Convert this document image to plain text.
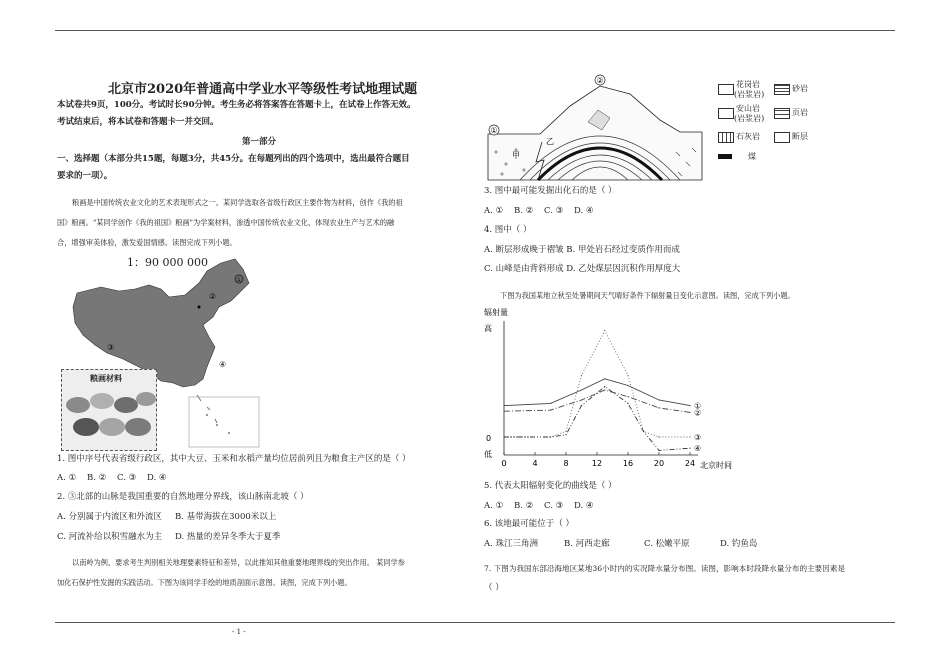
北京市2020年普通高中学业水平等级性考试地理试题
本试卷共9页，100分。考试时长90分钟。考生务必将答案答在答题卡上，在试卷上作答无效。
考试结束后，将本试卷和答题卡一并交回。
第一部分
一、选择题（本部分共15题，每题3分，共45分。在每题列出的四个选项中，选出最符合题目
要求的一项）。
粮画是中国传统农业文化的艺术表现形式之一。某同学选取各省级行政区主要作物为材料，创作《我的祖
国》粮画。"某同学创作《我的祖国》粮画"为学案材料，渗透中国传统农业文化，体现农业生产与艺术的融
合，增强审美体验，激发爱国情感。读图完成下列小题。
1：90 000 000
①
②
③
④
粮画材料
1. 图中序号代表省级行政区，其中大豆、玉米和水稻产量均位居前列且为粮食主产区的是（ ）
A. ① B. ② C. ③ D. ④
2. ③北部的山脉是我国重要的自然地理分界线，该山脉南北坡（ ）
A. 分别属于内流区和外流区 B. 基带海拔在3000米以上
C. 河流补给以积雪融水为主 D. 热量的差异冬季大于夏季
以南岭为例，要求考生判别相关地理要素特征和差异，以此推知其他重要地理界线的突出作用。 某同学参
加化石保护性发掘的实践活动。下图为该同学手绘的地质剖面示意图。读图，完成下列小题。
②
①
乙
甲
花岗岩
(岩浆岩)
砂岩
安山岩
(岩浆岩)
页岩
石灰岩	断层
煤
3. 图中最可能发掘出化石的是（ ）
A. ① B. ② C. ③ D. ④
4. 图中（ ）
A. 断层形成晚于褶皱 B. 甲处岩石经过变质作用而成
C. 山峰是由背斜形成 D. 乙处煤层因沉积作用厚度大
下图为我国某地立秋至处暑期间天气晴好条件下辐射量日变化示意图。读图，完成下列小题。
辐射量
高
低
0
北京时间
0	4	8	12	16	20	24
①
②
③
④
5. 代表太阳辐射变化的曲线是（ ）
A. ① B. ② C. ③ D. ④
6. 该地最可能位于（ ）
A. 珠江三角洲	B. 河西走廊	C. 松嫩平原	D. 钓鱼岛
7. 下图为我国东部沿海地区某地36小时内的实况降水量分布图。读图，影响本时段降水量分布的主要因素是
（ ）
- 1 -
